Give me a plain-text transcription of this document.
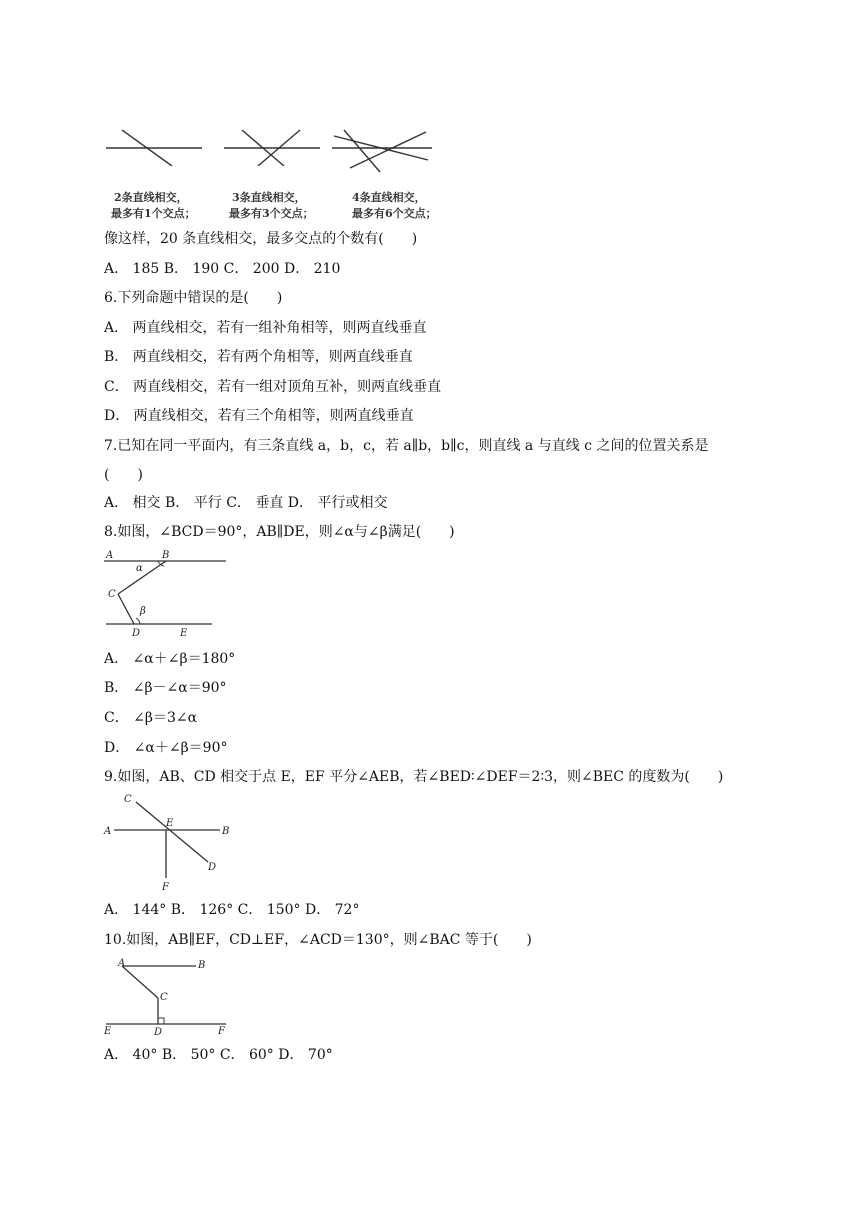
2条直线相交，
最多有1个交点；
3条直线相交，
最多有3个交点；
4条直线相交，
最多有6个交点；
像这样，20 条直线相交，最多交点的个数有(　　)
A． 185 B． 190 C． 200 D． 210
6.下列命题中错误的是(　　)
A． 两直线相交，若有一组补角相等，则两直线垂直
B． 两直线相交，若有两个角相等，则两直线垂直
C． 两直线相交，若有一组对顶角互补，则两直线垂直
D． 两直线相交，若有三个角相等，则两直线垂直
7.已知在同一平面内，有三条直线 a，b，c，若 a∥b，b∥c，则直线 a 与直线 c 之间的位置关系是
(　　)
A． 相交 B． 平行 C． 垂直 D． 平行或相交
8.如图，∠BCD＝90°，AB∥DE，则∠α与∠β满足(　　)
A	B
C
D	E
α
β
A． ∠α＋∠β＝180°
B． ∠β－∠α＝90°
C． ∠β＝3∠α
D． ∠α＋∠β＝90°
9.如图，AB、CD 相交于点 E，EF 平分∠AEB，若∠BED∶∠DEF＝2∶3，则∠BEC 的度数为(　　)
A	B
C
D
E
F
A． 144° B． 126° C． 150° D． 72°
10.如图，AB∥EF，CD⊥EF，∠ACD＝130°，则∠BAC 等于(　　)
A	B
C
D
E	F
A． 40° B． 50° C． 60° D． 70°
